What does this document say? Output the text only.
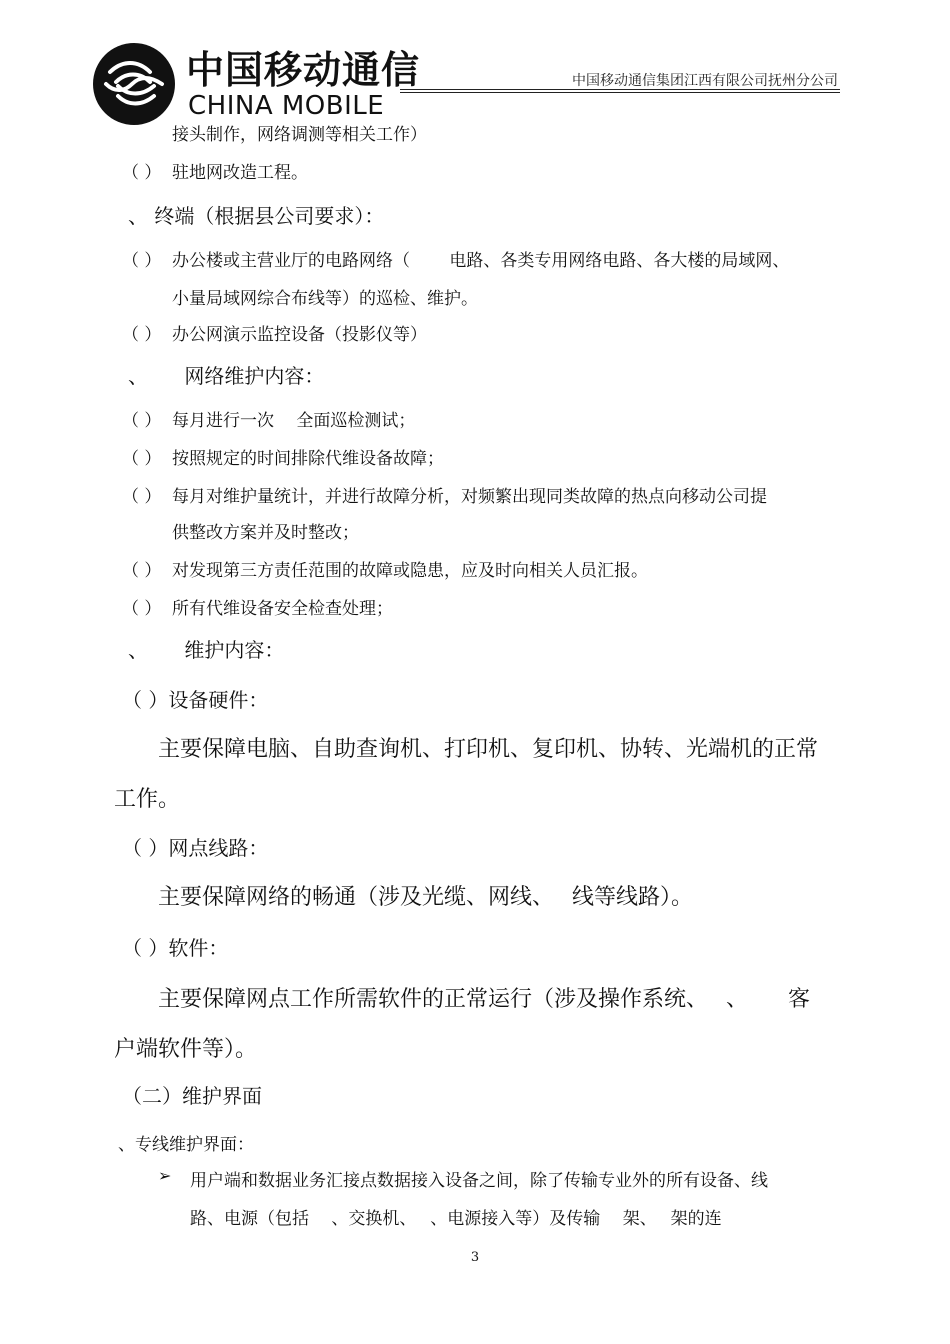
中国移动通信
CHINA MOBILE
中国移动通信集团江西有限公司抚州分公司
接头制作，网络调测等相关工作）
（ ） 驻地网改造工程。
、 终端（根据县公司要求）：
（ ） 办公楼或主营业厅的电路网络（　　 电路、各类专用网络电路、各大楼的局域网、
小量局域网综合布线等）的巡检、维护。
（ ） 办公网演示监控设备（投影仪等）
、　　 网络维护内容：
（ ） 每月进行一次　 全面巡检测试；
（ ） 按照规定的时间排除代维设备故障；
（ ） 每月对维护量统计，并进行故障分析，对频繁出现同类故障的热点向移动公司提
供整改方案并及时整改；
（ ） 对发现第三方责任范围的故障或隐患，应及时向相关人员汇报。
（ ） 所有代维设备安全检查处理；
、　　 维护内容：
（ ）设备硬件：
主要保障电脑、自助查询机、打印机、复印机、协转、光端机的正常
工作。
（ ）网点线路：
主要保障网络的畅通（涉及光缆、网线、　 线等线路）。
（ ）软件：
主要保障网点工作所需软件的正常运行（涉及操作系统、　 、　　 客
户端软件等）。
（二）维护界面
、专线维护界面：
➢ 用户端和数据业务汇接点数据接入设备之间，除了传输专业外的所有设备、线
路、电源（包括　 、交换机、　 、电源接入等）及传输　 架、　 架的连
3
